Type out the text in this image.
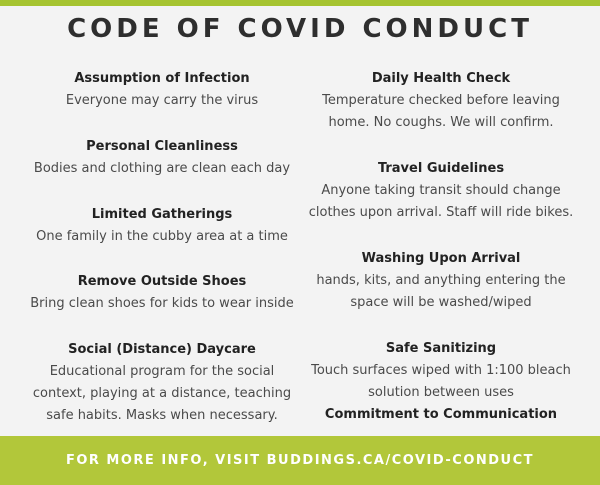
CODE OF COVID CONDUCT
Assumption of Infection
Everyone may carry the virus
Personal Cleanliness
Bodies and clothing are clean each day
Limited Gatherings
One family in the cubby area at a time
Remove Outside Shoes
Bring clean shoes for kids to wear inside
Social (Distance) Daycare
Educational program for the social context, playing at a distance, teaching safe habits. Masks when necessary.
Daily Health Check
Temperature checked before leaving home. No coughs. We will confirm.
Travel Guidelines
Anyone taking transit should change clothes upon arrival. Staff will ride bikes.
Washing Upon Arrival
hands, kits, and anything entering the space will be washed/wiped
Safe Sanitizing
Touch surfaces wiped with 1:100 bleach solution between uses
Commitment to Communication
FOR MORE INFO, VISIT BUDDINGS.CA/COVID-CONDUCT
